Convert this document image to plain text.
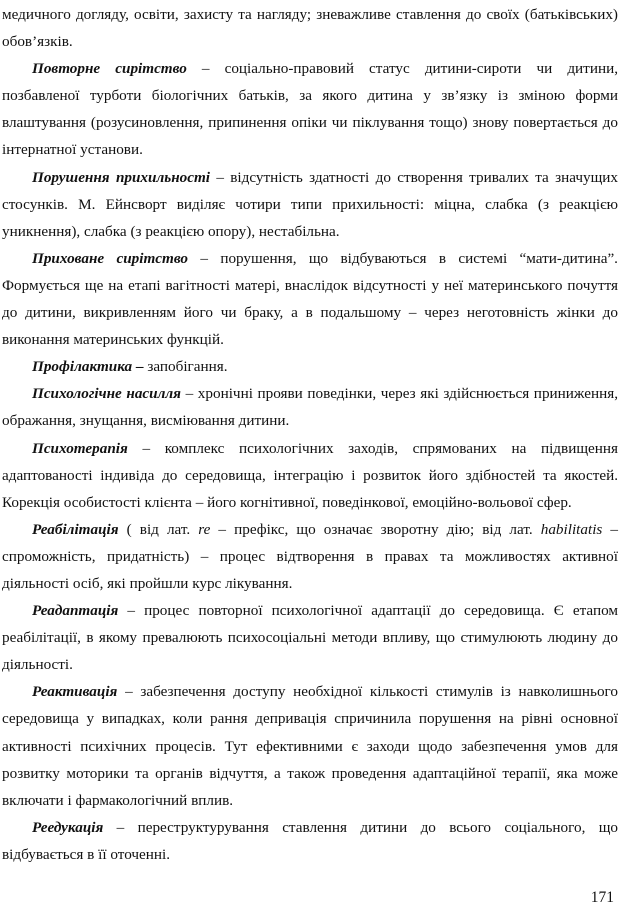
медичного догляду, освіти, захисту та нагляду; зневажливе ставлення до своїх (батьківських) обов’язків.

Повторне сирітство – соціально-правовий статус дитини-сироти чи дитини, позбавленої турботи біологічних батьків, за якого дитина у зв’язку із зміною форми влаштування (розусиновлення, припинення опіки чи піклування тощо) знову повертається до інтернатної установи.

Порушення прихильності – відсутність здатності до створення тривалих та значущих стосунків. М. Ейнсворт виділяє чотири типи прихильності: міцна, слабка (з реакцією уникнення), слабка (з реакцією опору), нестабільна.

Приховане сирітство – порушення, що відбуваються в системі “мати-дитина”. Формується ще на етапі вагітності матері, внаслідок відсутності у неї материнського почуття до дитини, викривленням його чи браку, а в подальшому – через неготовність жінки до виконання материнських функцій.

Профілактика – запобігання.

Психологічне насилля – хронічні прояви поведінки, через які здійснюється приниження, ображання, знущання, висміювання дитини.

Психотерапія – комплекс психологічних заходів, спрямованих на підвищення адаптованості індивіда до середовища, інтеграцію і розвиток його здібностей та якостей. Корекція особистості клієнта – його когнітивної, поведінкової, емоційно-вольової сфер.

Реабілітація ( від лат. re – префікс, що означає зворотну дію; від лат. habilitatis – спроможність, придатність) – процес відтворення в правах та можливостях активної діяльності осіб, які пройшли курс лікування.

Реадаптація – процес повторної психологічної адаптації до середовища. Є етапом реабілітації, в якому превалюють психосоціальні методи впливу, що стимулюють людину до діяльності.

Реактивація – забезпечення доступу необхідної кількості стимулів із навколишнього середовища у випадках, коли рання депривація спричинила порушення на рівні основної активності психічних процесів. Тут ефективними є заходи щодо забезпечення умов для розвитку моторики та органів відчуття, а також проведення адаптаційної терапії, яка може включати і фармакологічний вплив.

Реедукація – переструктурування ставлення дитини до всього соціального, що відбувається в її оточенні.

171
